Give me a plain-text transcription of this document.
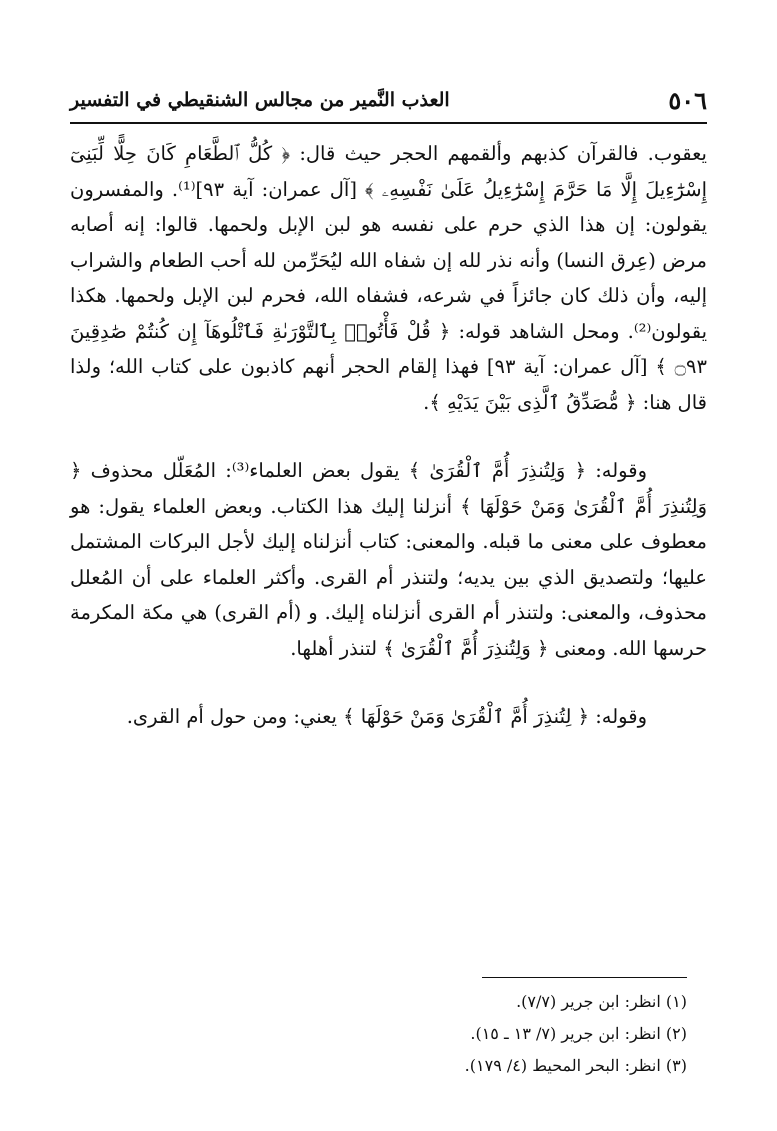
٥٠٦
العذب النَّمير من مجالس الشنقيطي في التفسير

يعقوب. فالقرآن كذبهم وألقمهم الحجر حيث قال: ﴿ كُلُّ ٱلطَّعَامِ كَانَ حِلًّا لِّبَنِىٓ إِسْرَٰٓءِيلَ إِلَّا مَا حَرَّمَ إِسْرَٰٓءِيلُ عَلَىٰ نَفْسِهِۦ ﴾ [آل عمران: آية ٩٣]⁽¹⁾. والمفسرون يقولون: إن هذا الذي حرم على نفسه هو لبن الإبل ولحمها. قالوا: إنه أصابه مرض (عِرق النسا) وأنه نذر لله إن شفاه الله ليُحَرِّمن لله أحب الطعام والشراب إليه، وأن ذلك كان جائزاً في شرعه، فشفاه الله، فحرم لبن الإبل ولحمها. هكذا يقولون⁽²⁾. ومحل الشاهد قوله: ﴿ قُلْ فَأْتُوا۟ بِٱلتَّوْرَىٰةِ فَٱتْلُوهَآ إِن كُنتُمْ صَٰدِقِينَ ۝٩٣ ﴾ [آل عمران: آية ٩٣] فهذا إلقام الحجر أنهم كاذبون على كتاب الله؛ ولذا قال هنا: ﴿ مُّصَدِّقُ ٱلَّذِى بَيْنَ يَدَيْهِ ﴾.

وقوله: ﴿ وَلِتُنذِرَ أُمَّ ٱلْقُرَىٰ ﴾ يقول بعض العلماء⁽³⁾: المُعَلّل محذوف ﴿ وَلِتُنذِرَ أُمَّ ٱلْقُرَىٰ وَمَنْ حَوْلَهَا ﴾ أنزلنا إليك هذا الكتاب. وبعض العلماء يقول: هو معطوف على معنى ما قبله. والمعنى: كتاب أنزلناه إليك لأجل البركات المشتمل عليها؛ ولتصديق الذي بين يديه؛ ولتنذر أم القرى. وأكثر العلماء على أن المُعلل محذوف، والمعنى: ولتنذر أم القرى أنزلناه إليك. و (أم القرى) هي مكة المكرمة حرسها الله. ومعنى ﴿ وَلِتُنذِرَ أُمَّ ٱلْقُرَىٰ ﴾ لتنذر أهلها.

وقوله: ﴿ لِتُنذِرَ أُمَّ ٱلْقُرَىٰ وَمَنْ حَوْلَهَا ﴾ يعني: ومن حول أم القرى.

(١) انظر: ابن جرير (٧/٧).
(٢) انظر: ابن جرير (٧/ ١٣ ـ ١٥).
(٣) انظر: البحر المحيط (٤/ ١٧٩).
